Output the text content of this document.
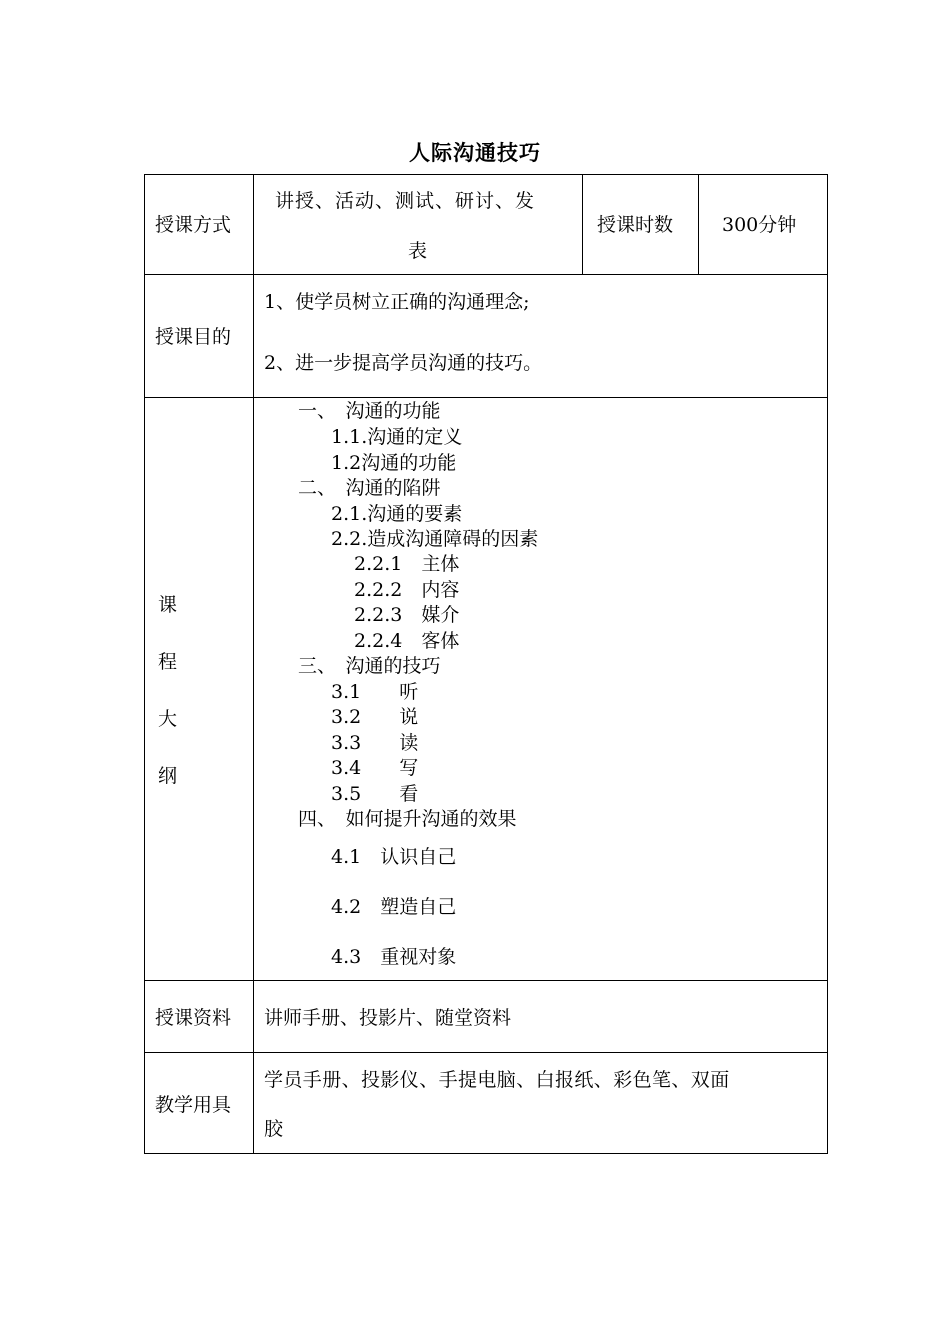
人际沟通技巧
授课方式
讲授、活动、测试、研讨、发
表
授课时数	300分钟
授课目的
1、使学员树立正确的沟通理念;
2、进一步提高学员沟通的技巧。
课
程
大
纲
一、　沟通的功能
1.1.沟通的定义
1.2沟通的功能
二、　沟通的陷阱
2.1.沟通的要素
2.2.造成沟通障碍的因素
2.2.1　主体
2.2.2　内容
2.2.3　媒介
2.2.4　客体
三、　沟通的技巧
3.1　　听
3.2　　说
3.3　　读
3.4　　写
3.5　　看
四、　如何提升沟通的效果
4.1　认识自己
4.2　塑造自己
4.3　重视对象
授课资料 讲师手册、投影片、随堂资料
教学用具
学员手册、投影仪、手提电脑、白报纸、彩色笔、双面
胶
